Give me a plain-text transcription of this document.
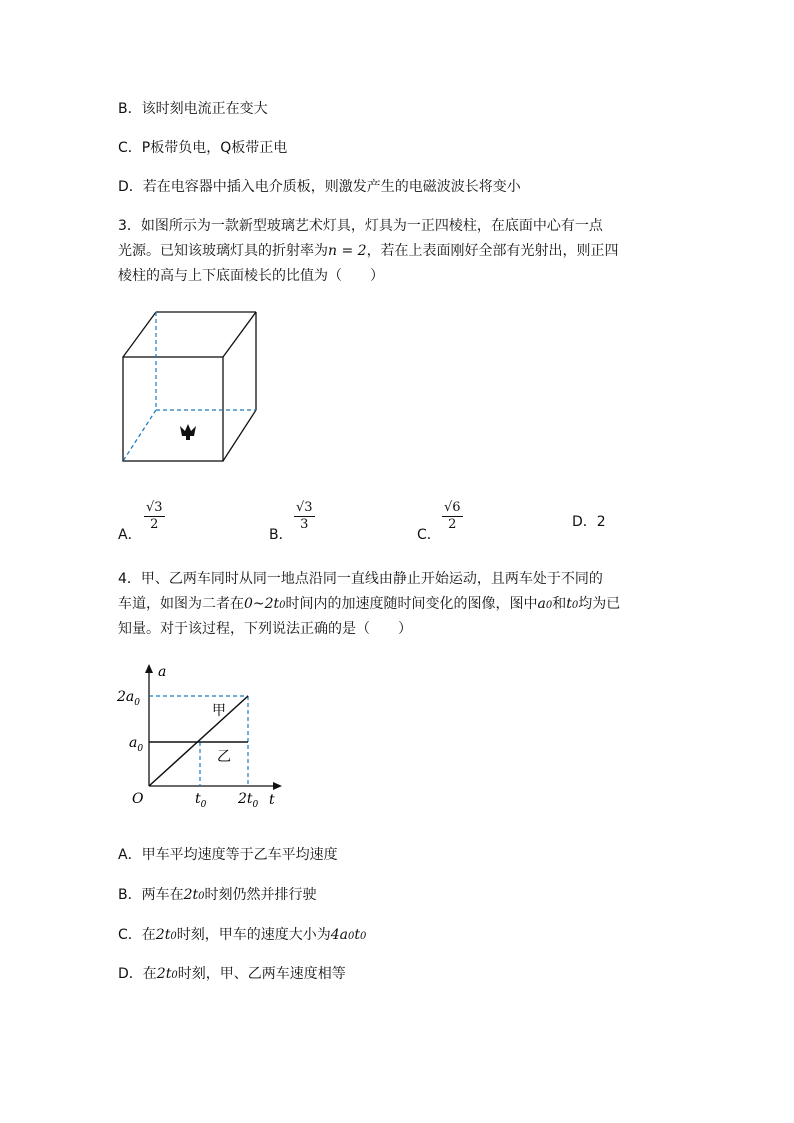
B．该时刻电流正在变大
C．P板带负电，Q板带正电
D．若在电容器中插入电介质板，则激发产生的电磁波波长将变小
3．如图所示为一款新型玻璃艺术灯具，灯具为一正四棱柱，在底面中心有一点
光源。已知该玻璃灯具的折射率为n = 2，若在上表面刚好全部有光射出，则正四
棱柱的高与上下底面棱长的比值为（　　）
A．
$\frac{√3}{2}$
B．
$\frac{√3}{3}$
C．
$\frac{√6}{2}$	D．2
4．甲、乙两车同时从同一地点沿同一直线由静止开始运动，且两车处于不同的
车道，如图为二者在0~2t0时间内的加速度随时间变化的图像，图中a0和t0均为已
知量。对于该过程，下列说法正确的是（　　）
a
t
O
$2a_0$
$a_0$
$t_0$ $2t_0$
甲
乙
A．甲车平均速度等于乙车平均速度
B．两车在2t0时刻仍然并排行驶
C．在2t0时刻，甲车的速度大小为4a0t0
D．在2t0时刻，甲、乙两车速度相等
